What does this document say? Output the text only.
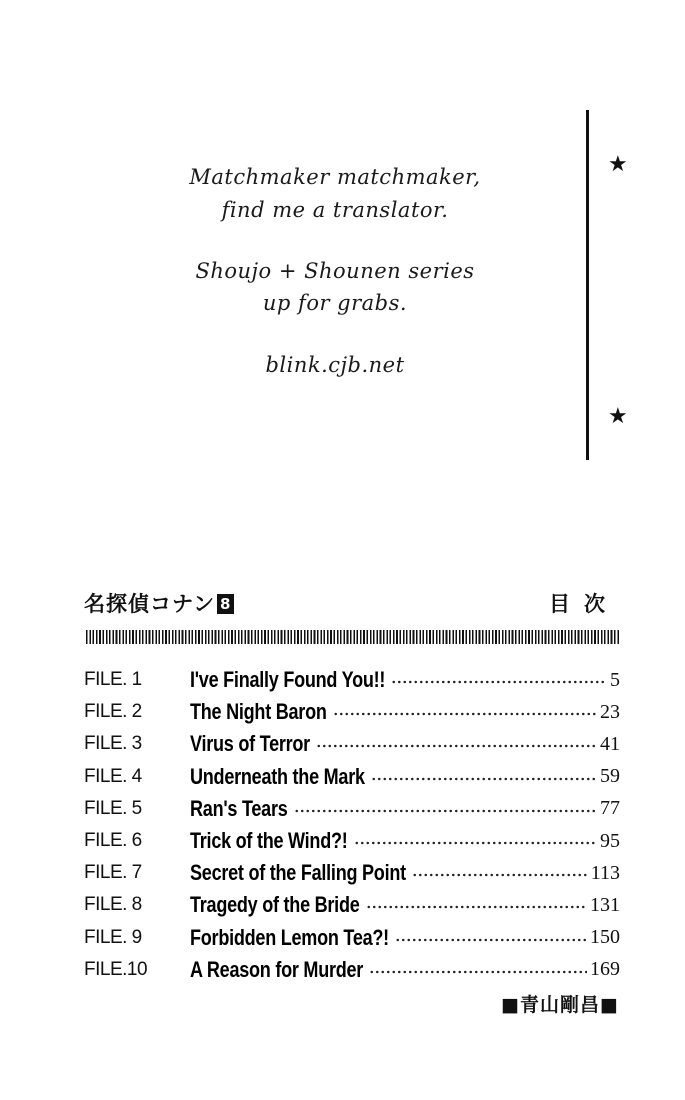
Matchmaker matchmaker,
find me a translator.
Shoujo + Shounen series
up for grabs.
blink.cjb.net
★
★
名探偵コナン 8	目次
FILE. 1	I've Finally Found You!!	5
FILE. 2	The Night Baron	23
FILE. 3	Virus of Terror	41
FILE. 4	Underneath the Mark	59
FILE. 5	Ran's Tears	77
FILE. 6	Trick of the Wind?!	95
FILE. 7	Secret of the Falling Point	113
FILE. 8	Tragedy of the Bride	131
FILE. 9	Forbidden Lemon Tea?!	150
FILE.10	A Reason for Murder	169
■青山剛昌■
